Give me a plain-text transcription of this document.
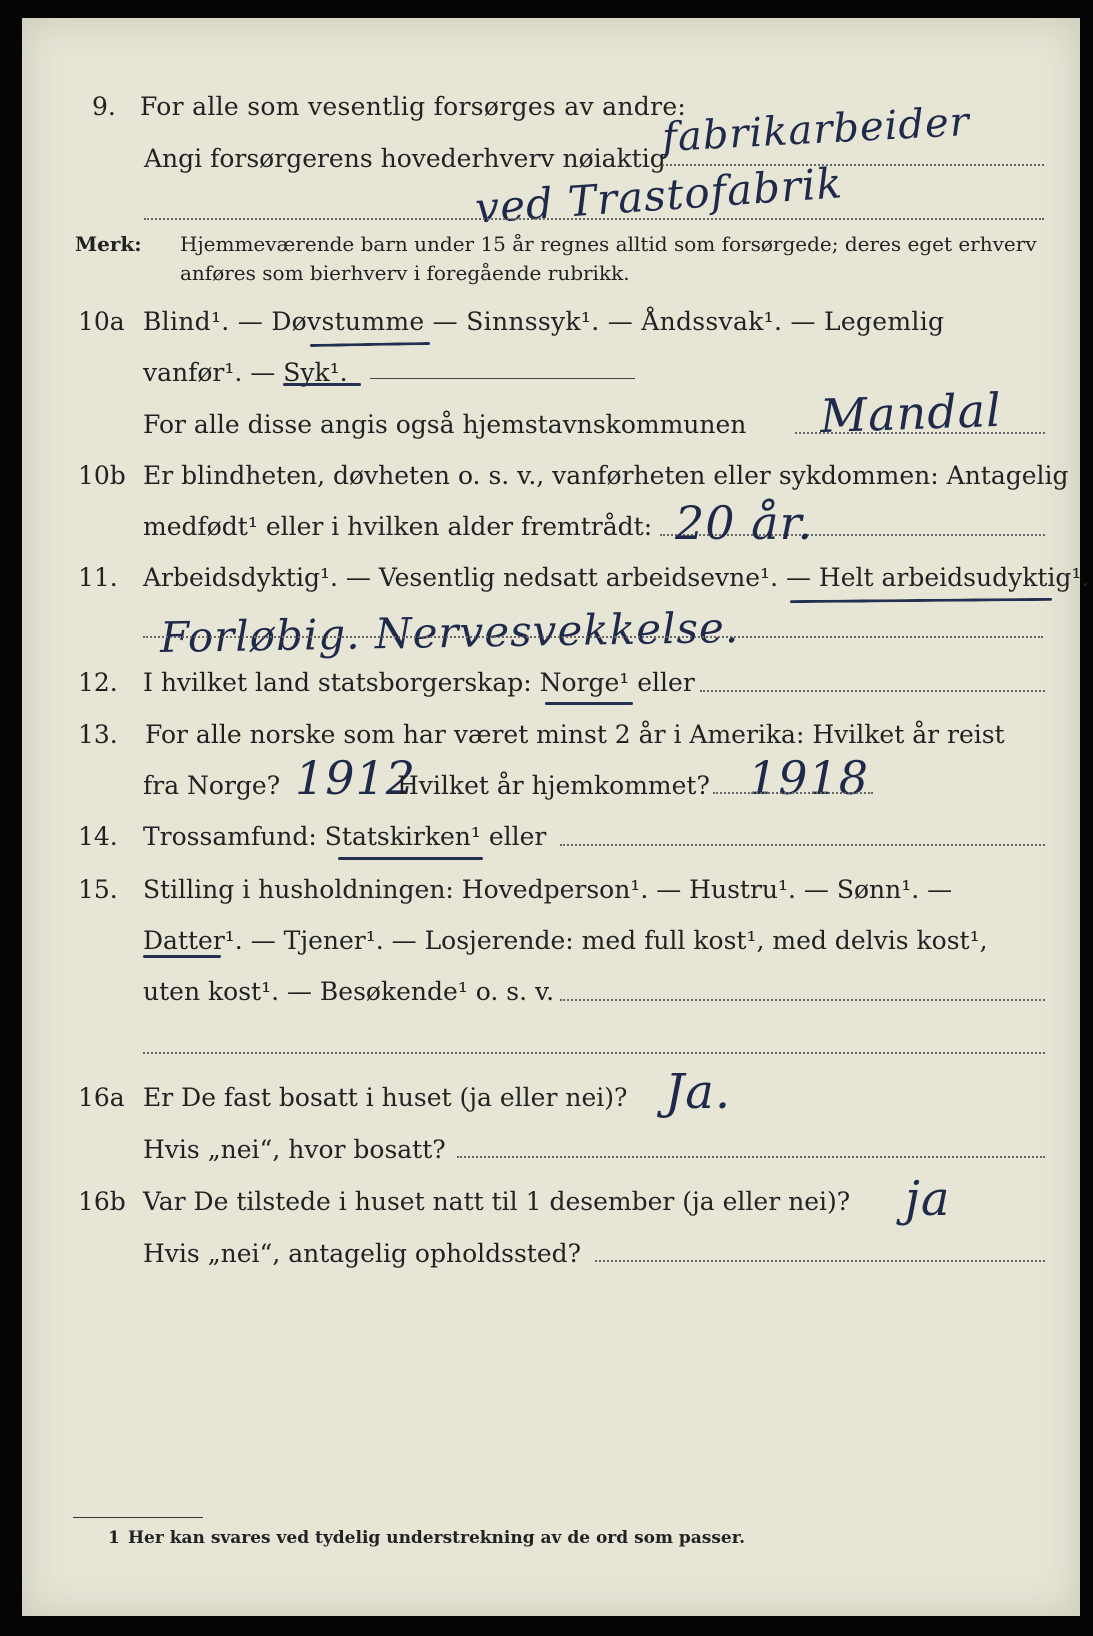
9. For alle som vesentlig forsørges av andre:
fabrikarbeider
Angi forsørgerens hovederhverv nøiaktig
ved Trastofabrik
Merk: Hjemmeværende barn under 15 år regnes alltid som forsørgede; deres eget erhverv
anføres som bierhverv i foregående rubrikk.
10a Blind¹. — Døvstumme — Sinnssyk¹. — Åndssvak¹. — Legemlig
vanfør¹. — Syk¹.
For alle disse angis også hjemstavnskommunen Mandal
10b Er blindheten, døvheten o. s. v., vanførheten eller sykdommen: Antagelig
medfødt¹ eller i hvilken alder fremtrådt: 20 år.
11. Arbeidsdyktig¹. — Vesentlig nedsatt arbeidsevne¹. — Helt arbeidsudyktig¹.
Forløbig. Nervesvekkelse.
12. I hvilket land statsborgerskap: Norge¹ eller
13. For alle norske som har været minst 2 år i Amerika: Hvilket år reist
fra Norge? 1912
Hvilket år hjemkommet? 1918
14. Trossamfund: Statskirken¹ eller
15. Stilling i husholdningen: Hovedperson¹. — Hustru¹. — Sønn¹. —
Datter¹. — Tjener¹. — Losjerende: med full kost¹, med delvis kost¹,
uten kost¹. — Besøkende¹ o. s. v.
16a Er De fast bosatt i huset (ja eller nei)? Ja.
Hvis „nei“, hvor bosatt?
16b Var De tilstede i huset natt til 1 desember (ja eller nei)? ja
Hvis „nei“, antagelig opholdssted?
1 Her kan svares ved tydelig understrekning av de ord som passer.
